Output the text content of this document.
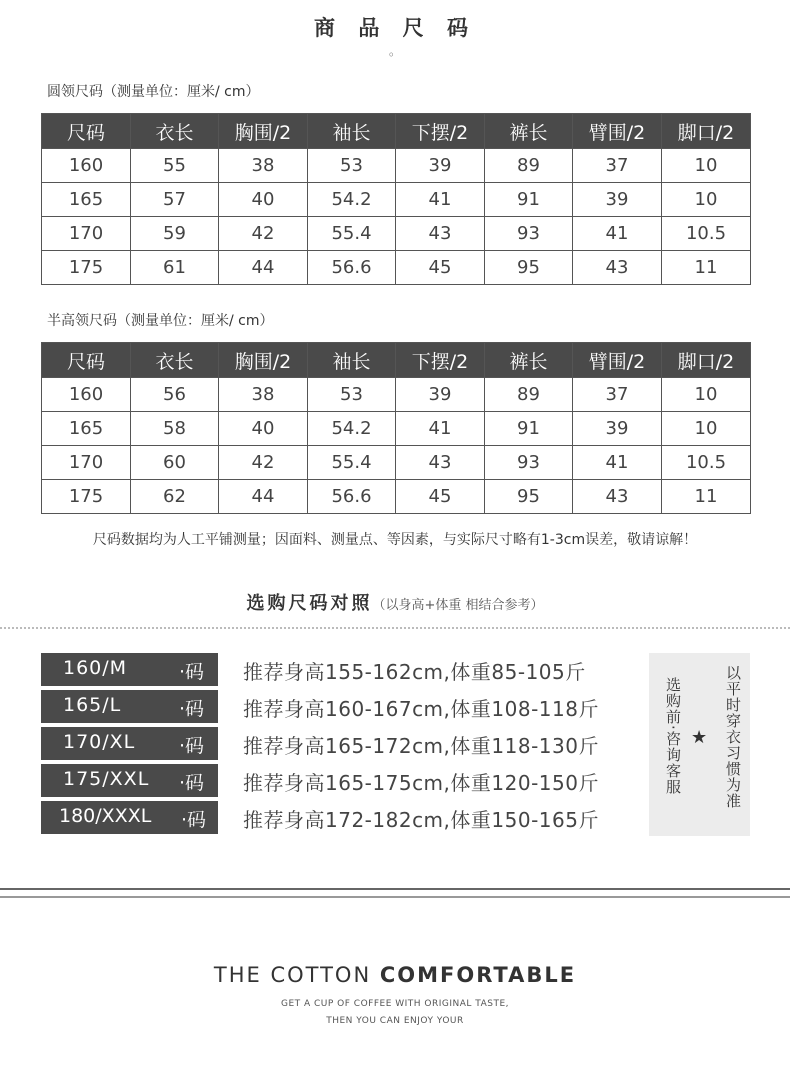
商 品 尺 码
。
圆领尺码（测量单位：厘米/ cm）
尺码	衣长	胸围/2	袖长	下摆/2	裤长	臂围/2	脚口/2
160	55	38	53	39	89	37	10
165	57	40	54.2	41	91	39	10
170	59	42	55.4	43	93	41	10.5
175	61	44	56.6	45	95	43	11
半高领尺码（测量单位：厘米/ cm）
尺码	衣长	胸围/2	袖长	下摆/2	裤长	臂围/2	脚口/2
160	56	38	53	39	89	37	10
165	58	40	54.2	41	91	39	10
170	60	42	55.4	43	93	41	10.5
175	62	44	56.6	45	95	43	11
尺码数据均为人工平铺测量；因面料、测量点、等因素，与实际尺寸略有1-3cm误差，敬请谅解！
选购尺码对照（以身高+体重 相结合参考）
160/M	·码 推荐身高155-162cm,体重85-105斤
165/L	·码 推荐身高160-167cm,体重108-118斤
170/XL ·码 推荐身高165-172cm,体重118-130斤
175/XXL ·码 推荐身高165-175cm,体重120-150斤
180/XXXL ·码 推荐身高172-182cm,体重150-165斤
以平时穿衣习惯为准
★
选购前·咨询客服
THE COTTON COMFORTABLE
GET A CUP OF COFFEE WITH ORIGINAL TASTE,
THEN YOU CAN ENJOY YOUR
